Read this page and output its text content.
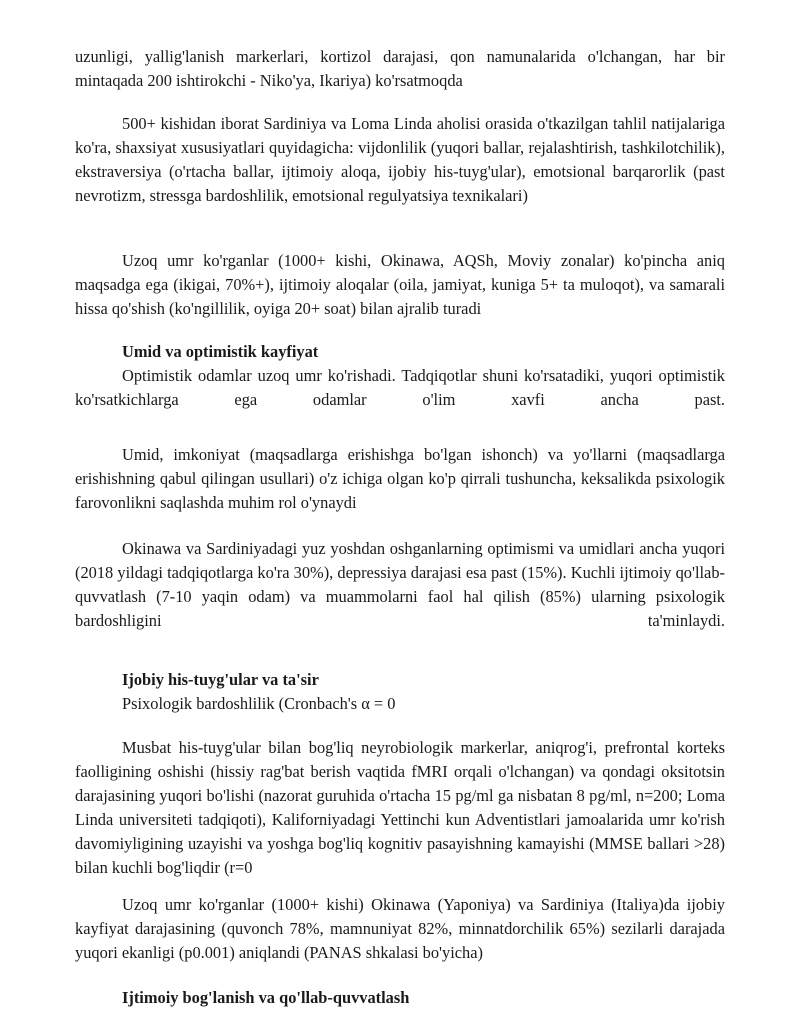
uzunligi, yallig'lanish markerlari, kortizol darajasi, qon namunalarida o'lchangan, har bir mintaqada 200 ishtirokchi - Niko'ya, Ikariya) ko'rsatmoqda

500+ kishidan iborat Sardiniya va Loma Linda aholisi orasida o'tkazilgan tahlil natijalariga ko'ra, shaxsiyat xususiyatlari quyidagicha: vijdonlilik (yuqori ballar, rejalashtirish, tashkilotchilik), ekstraversiya (o'rtacha ballar, ijtimoiy aloqa, ijobiy his-tuyg'ular), emotsional barqarorlik (past nevrotizm, stressga bardoshlilik, emotsional regulyatsiya texnikalari)

Uzoq umr ko'rganlar (1000+ kishi, Okinawa, AQSh, Moviy zonalar) ko'pincha aniq maqsadga ega (ikigai, 70%+), ijtimoiy aloqalar (oila, jamiyat, kuniga 5+ ta muloqot), va samarali hissa qo'shish (ko'ngillilik, oyiga 20+ soat) bilan ajralib turadi

Umid va optimistik kayfiyat

Optimistik odamlar uzoq umr ko'rishadi. Tadqiqotlar shuni ko'rsatadiki, yuqori optimistik ko'rsatkichlarga ega odamlar o'lim xavfi ancha past.

Umid, imkoniyat (maqsadlarga erishishga bo'lgan ishonch) va yo'llarni (maqsadlarga erishishning qabul qilingan usullari) o'z ichiga olgan ko'p qirrali tushuncha, keksalikda psixologik farovonlikni saqlashda muhim rol o'ynaydi

Okinawa va Sardiniyadagi yuz yoshdan oshganlarning optimismi va umidlari ancha yuqori (2018 yildagi tadqiqotlarga ko'ra 30%), depressiya darajasi esa past (15%). Kuchli ijtimoiy qo'llab-quvvatlash (7-10 yaqin odam) va muammolarni faol hal qilish (85%) ularning psixologik bardoshligini ta'minlaydi.

Ijobiy his-tuyg'ular va ta'sir
Psixologik bardoshlilik (Cronbach's α = 0

Musbat his-tuyg'ular bilan bog'liq neyrobiologik markerlar, aniqrog'i, prefrontal korteks faolligining oshishi (hissiy rag'bat berish vaqtida fMRI orqali o'lchangan) va qondagi oksitotsin darajasining yuqori bo'lishi (nazorat guruhida o'rtacha 15 pg/ml ga nisbatan 8 pg/ml, n=200; Loma Linda universiteti tadqiqoti), Kaliforniyadagi Yettinchi kun Adventistlari jamoalarida umr ko'rish davomiyligining uzayishi va yoshga bog'liq kognitiv pasayishning kamayishi (MMSE ballari >28) bilan kuchli bog'liqdir (r=0

Uzoq umr ko'rganlar (1000+ kishi) Okinawa (Yaponiya) va Sardiniya (Italiya)da ijobiy kayfiyat darajasining (quvonch 78%, mamnuniyat 82%, minnatdorchilik 65%) sezilarli darajada yuqori ekanligi (p0.001) aniqlandi (PANAS shkalasi bo'yicha)

Ijtimoiy bog'lanish va qo'llab-quvvatlash
